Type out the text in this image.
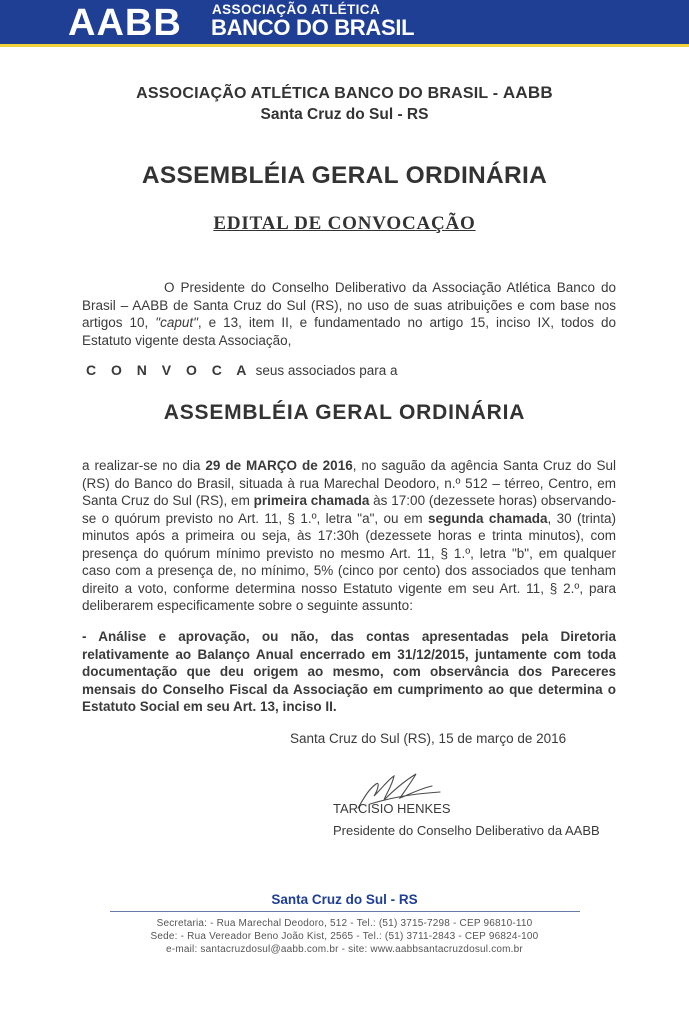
AABB ASSOCIAÇÃO ATLÉTICA
BANCO DO BRASIL
ASSOCIAÇÃO ATLÉTICA BANCO DO BRASIL - AABB
Santa Cruz do Sul - RS
ASSEMBLÉIA GERAL ORDINÁRIA
EDITAL DE CONVOCAÇÃO
O Presidente do Conselho Deliberativo da Associação Atlética Banco do Brasil – AABB de Santa Cruz do Sul (RS), no uso de suas atribuições e com base nos artigos 10, "caput", e 13, item II, e fundamentado no artigo 15, inciso IX, todos do Estatuto vigente desta Associação,
C O N V O C A seus associados para a
ASSEMBLÉIA GERAL ORDINÁRIA
a realizar-se no dia 29 de MARÇO de 2016, no saguão da agência Santa Cruz do Sul (RS) do Banco do Brasil, situada à rua Marechal Deodoro, n.º 512 – térreo, Centro, em Santa Cruz do Sul (RS), em primeira chamada às 17:00 (dezessete horas) observando-se o quórum previsto no Art. 11, § 1.º, letra "a", ou em segunda chamada, 30 (trinta) minutos após a primeira ou seja, às 17:30h (dezessete horas e trinta minutos), com presença do quórum mínimo previsto no mesmo Art. 11, § 1.º, letra "b", em qualquer caso com a presença de, no mínimo, 5% (cinco por cento) dos associados que tenham direito a voto, conforme determina nosso Estatuto vigente em seu Art. 11, § 2.º, para deliberarem especificamente sobre o seguinte assunto:
- Análise e aprovação, ou não, das contas apresentadas pela Diretoria relativamente ao Balanço Anual encerrado em 31/12/2015, juntamente com toda documentação que deu origem ao mesmo, com observância dos Pareceres mensais do Conselho Fiscal da Associação em cumprimento ao que determina o Estatuto Social em seu Art. 13, inciso II.
Santa Cruz do Sul (RS), 15 de março de 2016
TARCISIO HENKES
Presidente do Conselho Deliberativo da AABB
Santa Cruz do Sul - RS
Secretaria: - Rua Marechal Deodoro, 512 - Tel.: (51) 3715-7298 - CEP 96810-110
Sede: - Rua Vereador Beno João Kist, 2565 - Tel.: (51) 3711-2843 - CEP 96824-100
e-mail: santacruzdosul@aabb.com.br - site: www.aabbsantacruzdosul.com.br
